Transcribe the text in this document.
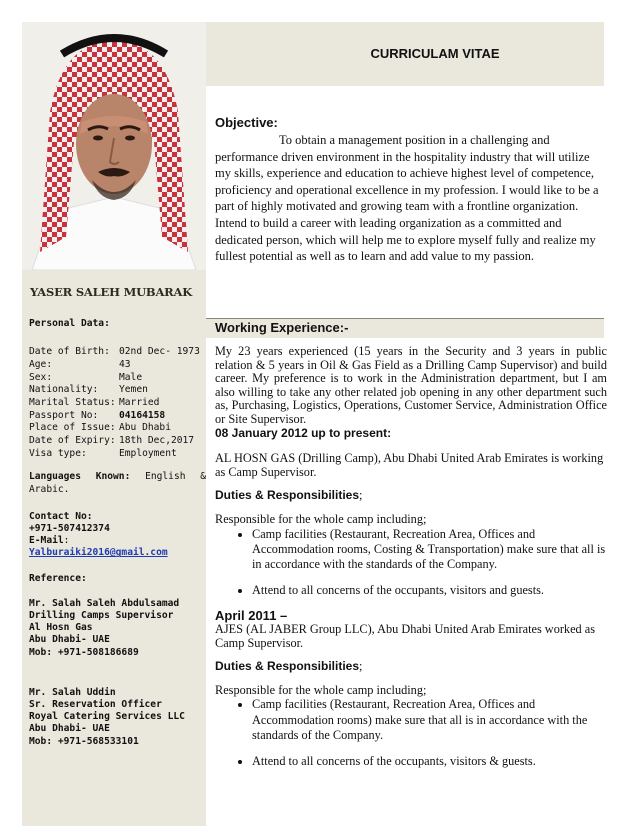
YASER SALEH MUBARAK
Personal Data:
Date of Birth: 02nd Dec- 1973
Age:	43
Sex:	Male
Nationality: Yemen
Marital Status: Married
Passport No: 04164158
Place of Issue: Abu Dhabi
Date of Expiry: 18th Dec,2017
Visa type:	Employment
Languages Known: English & Arabic.
Contact No:
+971-507412374
E-Mail:
Yalburaiki2016@gmail.com
Reference:
Mr. Salah Saleh Abdulsamad
Drilling Camps Supervisor
Al Hosn Gas
Abu Dhabi- UAE
Mob: +971-508186689
Mr. Salah Uddin
Sr. Reservation Officer
Royal Catering Services LLC
Abu Dhabi- UAE
Mob: +971-568533101
CURRICULAM VITAE
Objective:
To obtain a management position in a challenging and performance driven environment in the hospitality industry that will utilize my skills, experience and education to achieve highest level of competence, proficiency and operational excellence in my profession. I would like to be a part of highly motivated and growing team with a frontline organization. Intend to build a career with leading organization as a committed and dedicated person, which will help me to explore myself fully and realize my fullest potential as well as to learn and add value to my passion.
Working Experience:-
My 23 years experienced (15 years in the Security and 3 years in public relation & 5 years in Oil & Gas Field as a Drilling Camp Supervisor) and build career. My preference is to work in the Administration department, but I am also willing to take any other related job opening in any other department such as, Purchasing, Logistics, Operations, Customer Service, Administration Office or Site Supervisor.
08 January 2012 up to present:
AL HOSN GAS (Drilling Camp), Abu Dhabi United Arab Emirates is working as Camp Supervisor.
Duties & Responsibilities;
Responsible for the whole camp including;
• Camp facilities (Restaurant, Recreation Area, Offices and Accommodation rooms, Costing & Transportation) make sure that all is in accordance with the standards of the Company.
• Attend to all concerns of the occupants, visitors and guests.
April 2011 –
AJES (AL JABER Group LLC), Abu Dhabi United Arab Emirates worked as Camp Supervisor.
Duties & Responsibilities;
Responsible for the whole camp including;
• Camp facilities (Restaurant, Recreation Area, Offices and Accommodation rooms) make sure that all is in accordance with the standards of the Company.
• Attend to all concerns of the occupants, visitors & guests.
